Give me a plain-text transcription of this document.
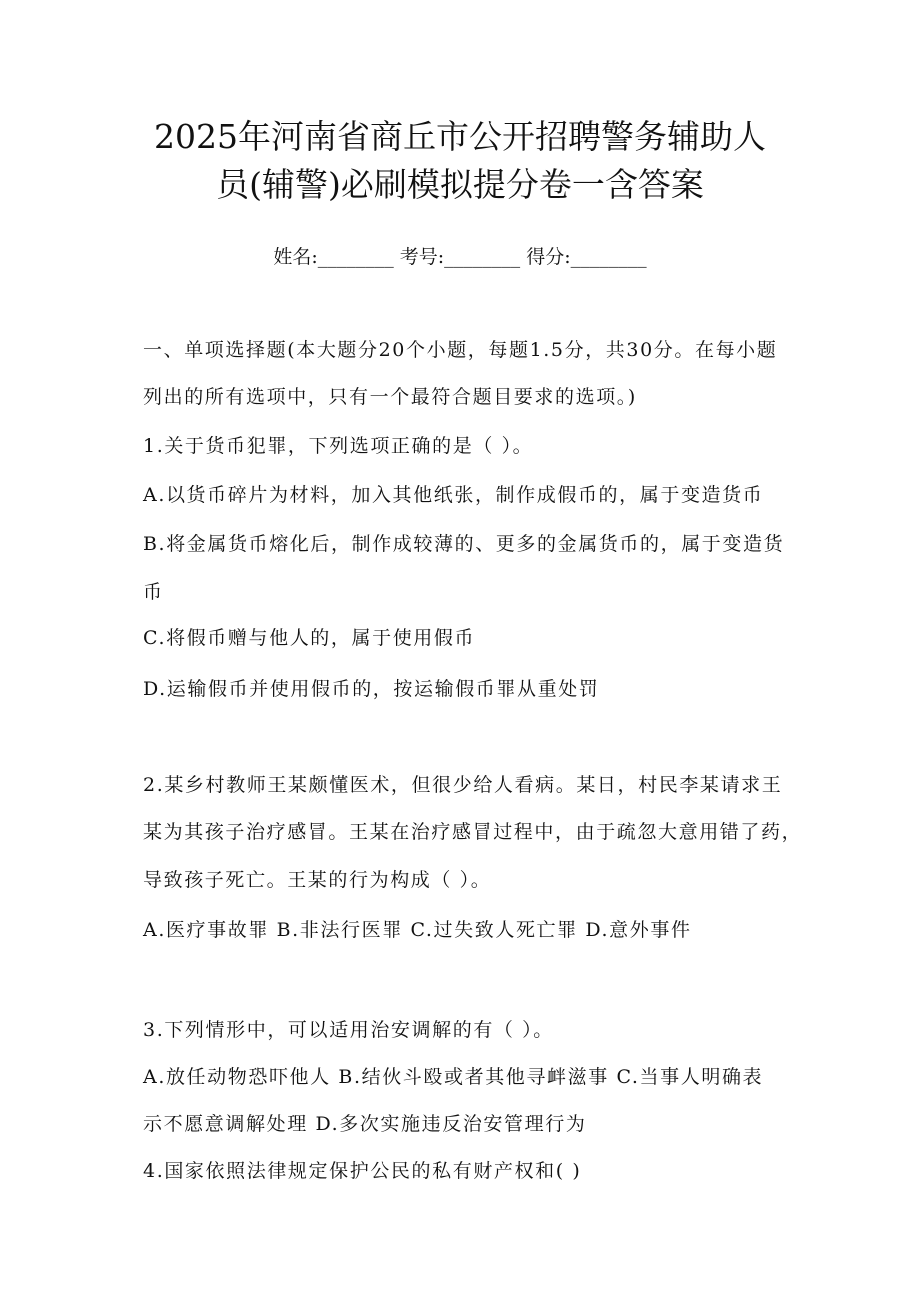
2025年河南省商丘市公开招聘警务辅助人
员(辅警)必刷模拟提分卷一含答案
姓名:________ 考号:________ 得分:________
一、单项选择题(本大题分20个小题，每题1.5分，共30分。在每小题
列出的所有选项中，只有一个最符合题目要求的选项。)
1.关于货币犯罪，下列选项正确的是（ ）。
A.以货币碎片为材料，加入其他纸张，制作成假币的，属于变造货币
B.将金属货币熔化后，制作成较薄的、更多的金属货币的，属于变造货
币
C.将假币赠与他人的，属于使用假币
D.运输假币并使用假币的，按运输假币罪从重处罚
2.某乡村教师王某颇懂医术，但很少给人看病。某日，村民李某请求王
某为其孩子治疗感冒。王某在治疗感冒过程中，由于疏忽大意用错了药，
导致孩子死亡。王某的行为构成（ ）。
A.医疗事故罪 B.非法行医罪 C.过失致人死亡罪 D.意外事件
3.下列情形中，可以适用治安调解的有（ ）。
A.放任动物恐吓他人 B.结伙斗殴或者其他寻衅滋事 C.当事人明确表
示不愿意调解处理 D.多次实施违反治安管理行为
4.国家依照法律规定保护公民的私有财产权和( )
